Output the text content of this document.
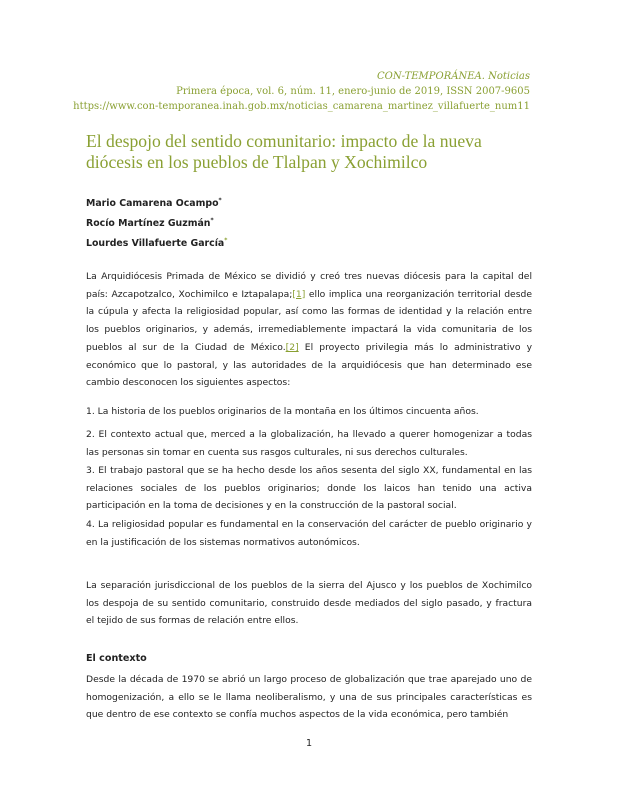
CON-TEMPORÁNEA. Noticias
Primera época, vol. 6, núm. 11, enero-junio de 2019, ISSN 2007-9605
https://www.con-temporanea.inah.gob.mx/noticias_camarena_martinez_villafuerte_num11
El despojo del sentido comunitario: impacto de la nueva diócesis en los pueblos de Tlalpan y Xochimilco
Mario Camarena Ocampo*
Rocío Martínez Guzmán*
Lourdes Villafuerte García*

La Arquidiócesis Primada de México se dividió y creó tres nuevas diócesis para la capital del país: Azcapotzalco, Xochimilco e Iztapalapa;[1] ello implica una reorganización territorial desde la cúpula y afecta la religiosidad popular, así como las formas de identidad y la relación entre los pueblos originarios, y además, irremediablemente impactará la vida comunitaria de los pueblos al sur de la Ciudad de México.[2] El proyecto privilegia más lo administrativo y económico que lo pastoral, y las autoridades de la arquidiócesis que han determinado ese cambio desconocen los siguientes aspectos:

1. La historia de los pueblos originarios de la montaña en los últimos cincuenta años.

2. El contexto actual que, merced a la globalización, ha llevado a querer homogenizar a todas las personas sin tomar en cuenta sus rasgos culturales, ni sus derechos culturales.

3. El trabajo pastoral que se ha hecho desde los años sesenta del siglo XX, fundamental en las relaciones sociales de los pueblos originarios; donde los laicos han tenido una activa participación en la toma de decisiones y en la construcción de la pastoral social.

4. La religiosidad popular es fundamental en la conservación del carácter de pueblo originario y en la justificación de los sistemas normativos autonómicos.

La separación jurisdiccional de los pueblos de la sierra del Ajusco y los pueblos de Xochimilco los despoja de su sentido comunitario, construido desde mediados del siglo pasado, y fractura el tejido de sus formas de relación entre ellos.

El contexto

Desde la década de 1970 se abrió un largo proceso de globalización que trae aparejado uno de homogenización, a ello se le llama neoliberalismo, y una de sus principales características es que dentro de ese contexto se confía muchos aspectos de la vida económica, pero también

1
